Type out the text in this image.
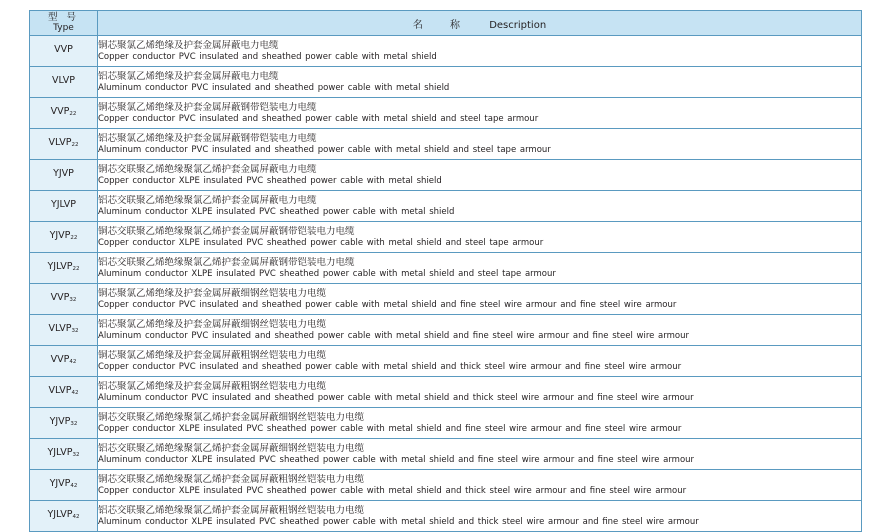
型 号
Type	名 称 Description
VVP	铜芯聚氯乙烯绝缘及护套金属屏蔽电力电缆
Copper conductor PVC insulated and sheathed power cable with metal shield

VLVP	铝芯聚氯乙烯绝缘及护套金属屏蔽电力电缆
Aluminum conductor PVC insulated and sheathed power cable with metal shield

$VVP_{22}$	铜芯聚氯乙烯绝缘及护套金属屏蔽钢带铠装电力电缆
Copper conductor PVC insulated and sheathed power cable with metal shield and steel tape armour

$VLVP_{22}$	铝芯聚氯乙烯绝缘及护套金属屏蔽钢带铠装电力电缆
Aluminum conductor PVC insulated and sheathed power cable with metal shield and steel tape armour

YJVP	铜芯交联聚乙烯绝缘聚氯乙烯护套金属屏蔽电力电缆
Copper conductor XLPE insulated PVC sheathed power cable with metal shield

YJLVP	铝芯交联聚乙烯绝缘聚氯乙烯护套金属屏蔽电力电缆
Aluminum conductor XLPE insulated PVC sheathed power cable with metal shield

$YJVP_{22}$	铜芯交联聚乙烯绝缘聚氯乙烯护套金属屏蔽钢带铠装电力电缆
Copper conductor XLPE insulated PVC sheathed power cable with metal shield and steel tape armour

$YJLVP_{22}$	铝芯交联聚乙烯绝缘聚氯乙烯护套金属屏蔽钢带铠装电力电缆
Aluminum conductor XLPE insulated PVC sheathed power cable with metal shield and steel tape armour

$VVP_{32}$	铜芯聚氯乙烯绝缘及护套金属屏蔽细钢丝铠装电力电缆
Copper conductor PVC insulated and sheathed power cable with metal shield and fine steel wire armour and fine steel wire armour

$VLVP_{32}$	铝芯聚氯乙烯绝缘及护套金属屏蔽细钢丝铠装电力电缆
Aluminum conductor PVC insulated and sheathed power cable with metal shield and fine steel wire armour and fine steel wire armour

$VVP_{42}$	铜芯聚氯乙烯绝缘及护套金属屏蔽粗钢丝铠装电力电缆
Copper conductor PVC insulated and sheathed power cable with metal shield and thick steel wire armour and fine steel wire armour

$VLVP_{42}$	铝芯聚氯乙烯绝缘及护套金属屏蔽粗钢丝铠装电力电缆
Aluminum conductor PVC insulated and sheathed power cable with metal shield and thick steel wire armour and fine steel wire armour

$YJVP_{32}$	铜芯交联聚乙烯绝缘聚氯乙烯护套金属屏蔽细钢丝铠装电力电缆
Copper conductor XLPE insulated PVC sheathed power cable with metal shield and fine steel wire armour and fine steel wire armour

$YJLVP_{32}$	铝芯交联聚乙烯绝缘聚氯乙烯护套金属屏蔽细钢丝铠装电力电缆
Aluminum conductor XLPE insulated PVC sheathed power cable with metal shield and fine steel wire armour and fine steel wire armour

$YJVP_{42}$	铜芯交联聚乙烯绝缘聚氯乙烯护套金属屏蔽粗钢丝铠装电力电缆
Copper conductor XLPE insulated PVC sheathed power cable with metal shield and thick steel wire armour and fine steel wire armour

$YJLVP_{42}$	铝芯交联聚乙烯绝缘聚氯乙烯护套金属屏蔽粗钢丝铠装电力电缆
Aluminum conductor XLPE insulated PVC sheathed power cable with metal shield and thick steel wire armour and fine steel wire armour
